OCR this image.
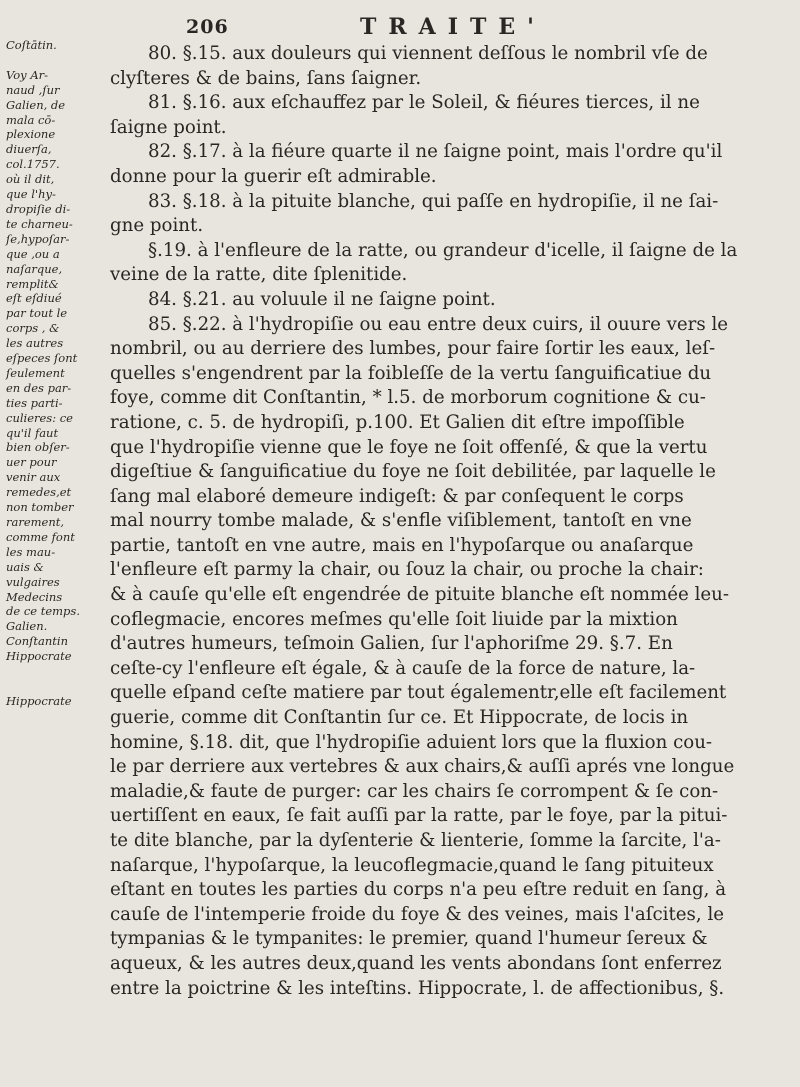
206	TRAITE'
Coſtātin.

Voy Ar-
naud ,ſur
Galien, de
mala cō-
plexione
diuerſa,
col.1757.
où il dit,
que l'hy-
dropiſie di-
te charneu-
ſe,hypoſar-
que ,ou a
naſarque,
remplit&
eſt eſdiué
par tout le
corps , &
les autres
eſpeces ſont
ſeulement
en des par-
ties parti-
culieres: ce
qu'il faut
bien obſer-
uer pour
venir aux
remedes,et
non tomber
rarement,
comme font
les mau-
uais &
vulgaires
Medecins
de ce temps.
Galien.
Conſtantin
Hippocrate

Hippocrate
80. §.15. aux douleurs qui viennent deſſous le nombril vſe de
clyſteres & de bains, ſans ſaigner.
81. §.16. aux eſchauffez par le Soleil, & fiéures tierces, il ne
ſaigne point.
82. §.17. à la fiéure quarte il ne ſaigne point, mais l'ordre qu'il
donne pour la guerir eſt admirable.
83. §.18. à la pituite blanche, qui paſſe en hydropiſie, il ne ſai-
gne point.
§.19. à l'enfleure de la ratte, ou grandeur d'icelle, il ſaigne de la
veine de la ratte, dite ſplenitide.
84. §.21. au voluule il ne ſaigne point.
85. §.22. à l'hydropiſie ou eau entre deux cuirs, il ouure vers le
nombril, ou au derriere des lumbes, pour faire ſortir les eaux, leſ-
quelles s'engendrent par la foibleſſe de la vertu ſanguificatiue du
foye, comme dit Conſtantin, * l.5. de morborum cognitione & cu-
ratione, c. 5. de hydropiſi, p.100. Et Galien dit eſtre impoſſible
que l'hydropiſie vienne que le foye ne ſoit offenſé, & que la vertu
digeſtiue & ſanguificatiue du foye ne ſoit debilitée, par laquelle le
ſang mal elaboré demeure indigeſt: & par conſequent le corps
mal nourry tombe malade, & s'enfle viſiblement, tantoſt en vne
partie, tantoſt en vne autre, mais en l'hypoſarque ou anaſarque
l'enfleure eſt parmy la chair, ou ſouz la chair, ou proche la chair:
& à cauſe qu'elle eſt engendrée de pituite blanche eſt nommée leu-
coflegmacie, encores meſmes qu'elle ſoit liuide par la mixtion
d'autres humeurs, teſmoin Galien, ſur l'aphoriſme 29. §.7. En
ceſte-cy l'enfleure eſt égale, & à cauſe de la force de nature, la-
quelle eſpand ceſte matiere par tout égalementr,elle eſt facilement
guerie, comme dit Conſtantin ſur ce. Et Hippocrate, de locis in
homine, §.18. dit, que l'hydropiſie aduient lors que la fluxion cou-
le par derriere aux vertebres & aux chairs,& auſſi aprés vne longue
maladie,& faute de purger: car les chairs ſe corrompent & ſe con-
uertiſſent en eaux, ſe fait auſſi par la ratte, par le foye, par la pitui-
te dite blanche, par la dyſenterie & lienterie, ſomme la ſarcite, l'a-
naſarque, l'hypoſarque, la leucoflegmacie,quand le ſang pituiteux
eſtant en toutes les parties du corps n'a peu eſtre reduit en ſang, à
cauſe de l'intemperie froide du foye & des veines, mais l'aſcites, le
tympanias & le tympanites: le premier, quand l'humeur ſereux &
aqueux, & les autres deux,quand les vents abondans ſont enferrez
entre la poictrine & les inteſtins. Hippocrate, l. de affectionibus, §.
